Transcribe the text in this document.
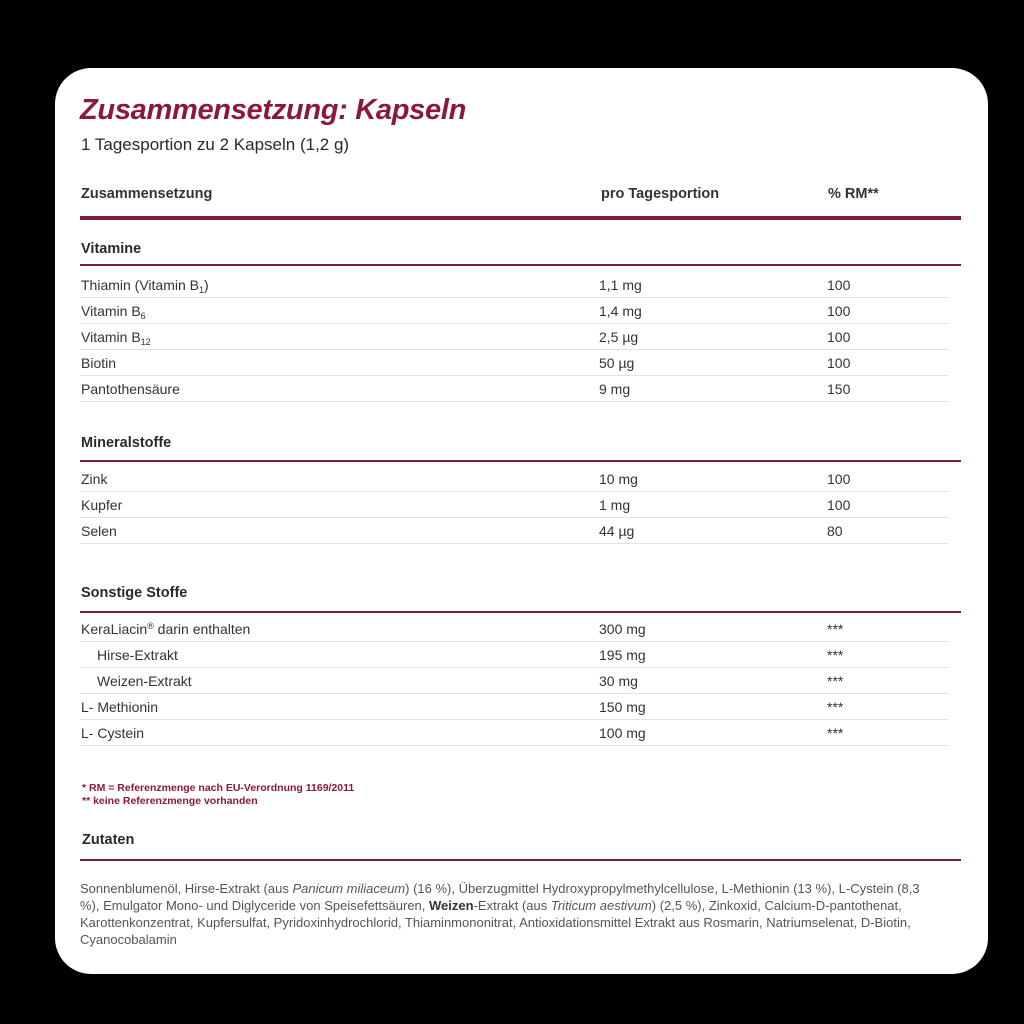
Zusammensetzung: Kapseln
1 Tagesportion zu 2 Kapseln (1,2 g)
Zusammensetzung	pro Tagesportion	% RM**
Vitamine
Thiamin (Vitamin $B_1$)	1,1 mg	100
Vitamin $B_6$	1,4 mg	100
Vitamin $B_{12}$	2,5 µg	100
Biotin	50 µg	100
Pantothensäure	9 mg	150
Mineralstoffe
Zink	10 mg	100
Kupfer	1 mg	100
Selen	44 µg	80
Sonstige Stoffe
KeraLiacin® darin enthalten	300 mg	***
Hirse-Extrakt	195 mg	***
Weizen-Extrakt	30 mg	***
L- Methionin	150 mg	***
L- Cystein	100 mg	***
* RM = Referenzmenge nach EU-Verordnung 1169/2011
** keine Referenzmenge vorhanden
Zutaten

Sonnenblumenöl, Hirse-Extrakt (aus Panicum miliaceum) (16 %), Überzugmittel Hydroxypropylmethylcellulose, L-Methionin (13 %), L-Cystein (8,3 %), Emulgator Mono- und Diglyceride von Speisefettsäuren, Weizen-Extrakt (aus Triticum aestivum) (2,5 %), Zinkoxid, Calcium-D-pantothenat, Karottenkonzentrat, Kupfersulfat, Pyridoxinhydrochlorid, Thiaminmononitrat, Antioxidationsmittel Extrakt aus Rosmarin, Natriumselenat, D-Biotin, Cyanocobalamin
